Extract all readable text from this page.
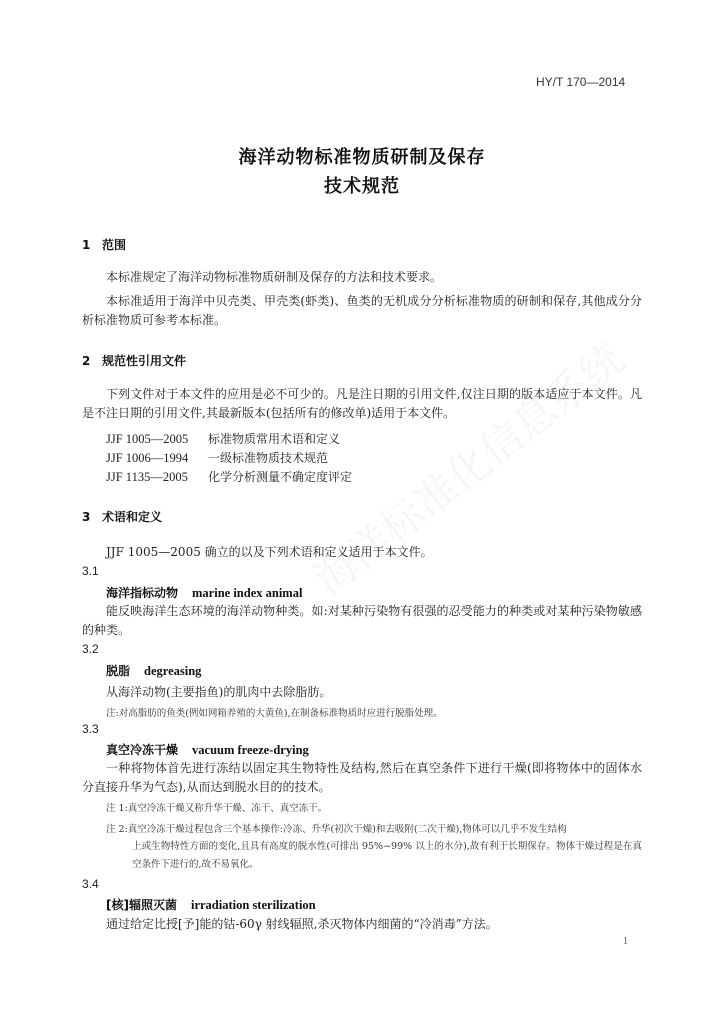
HY/T 170—2014
海洋动物标准物质研制及保存
技术规范
1 范围
本标准规定了海洋动物标准物质研制及保存的方法和技术要求。
本标准适用于海洋中贝壳类、甲壳类(虾类)、鱼类的无机成分分析标准物质的研制和保存,其他成分分析标准物质可参考本标准。
2 规范性引用文件
下列文件对于本文件的应用是必不可少的。凡是注日期的引用文件,仅注日期的版本适应于本文件。凡是不注日期的引用文件,其最新版本(包括所有的修改单)适用于本文件。
JJF 1005—2005 标准物质常用术语和定义
JJF 1006—1994 一级标准物质技术规范
JJF 1135—2005 化学分析测量不确定度评定
3 术语和定义
JJF 1005—2005 确立的以及下列术语和定义适用于本文件。
3.1
海洋指标动物 marine index animal
能反映海洋生态环境的海洋动物种类。如:对某种污染物有很强的忍受能力的种类或对某种污染物敏感的种类。
3.2
脱脂 degreasing
从海洋动物(主要指鱼)的肌肉中去除脂肪。
注:对高脂肪的鱼类(例如网箱养殖的大黄鱼),在制备标准物质时应进行脱脂处理。
3.3
真空冷冻干燥 vacuum freeze-drying
一种将物体首先进行冻结以固定其生物特性及结构,然后在真空条件下进行干燥(即将物体中的固体水分直接升华为气态),从而达到脱水目的的技术。
注 1:真空冷冻干燥又称升华干燥、冻干、真空冻干。
注 2:真空冷冻干燥过程包含三个基本操作:冷冻、升华(初次干燥)和去吸附(二次干燥),物体可以几乎不发生结构
上或生物特性方面的变化,且具有高度的脱水性(可排出 95%~99% 以上的水分),故有利于长期保存。物体干燥过程是在真空条件下进行的,故不易氧化。
3.4
[核]辐照灭菌 irradiation sterilization
通过给定比授[予]能的钴-60γ 射线辐照,杀灭物体内细菌的“冷消毒”方法。
1
